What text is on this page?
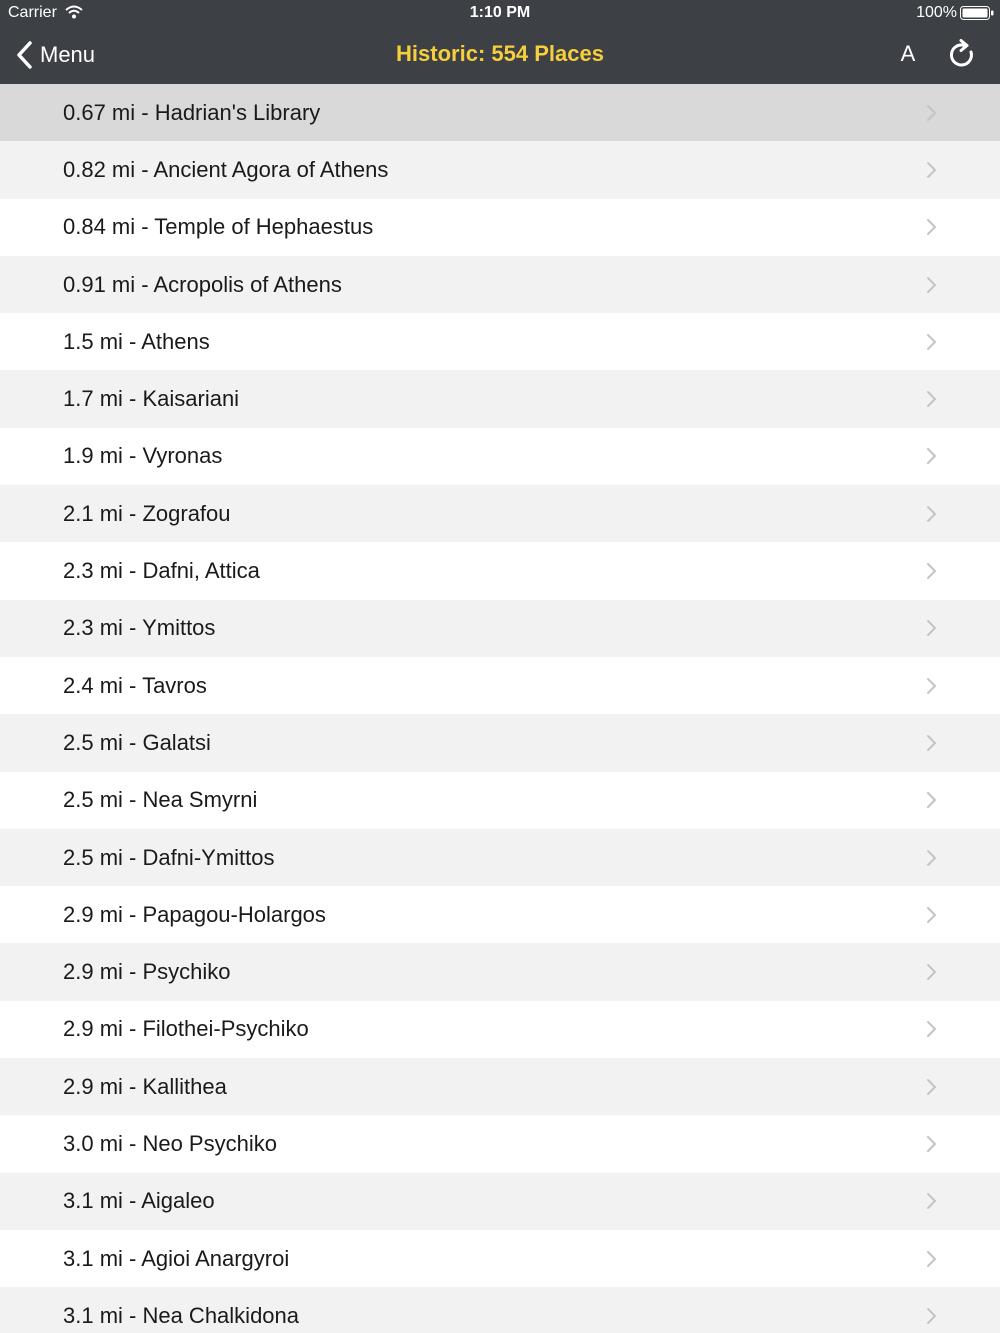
Carrier	1:10 PM	100%
Menu	Historic: 554 Places	A
0.67 mi - Hadrian's Library
0.82 mi - Ancient Agora of Athens
0.84 mi - Temple of Hephaestus
0.91 mi - Acropolis of Athens
1.5 mi - Athens
1.7 mi - Kaisariani
1.9 mi - Vyronas
2.1 mi - Zografou
2.3 mi - Dafni, Attica
2.3 mi - Ymittos
2.4 mi - Tavros
2.5 mi - Galatsi
2.5 mi - Nea Smyrni
2.5 mi - Dafni-Ymittos
2.9 mi - Papagou-Holargos
2.9 mi - Psychiko
2.9 mi - Filothei-Psychiko
2.9 mi - Kallithea
3.0 mi - Neo Psychiko
3.1 mi - Aigaleo
3.1 mi - Agioi Anargyroi
3.1 mi - Nea Chalkidona
